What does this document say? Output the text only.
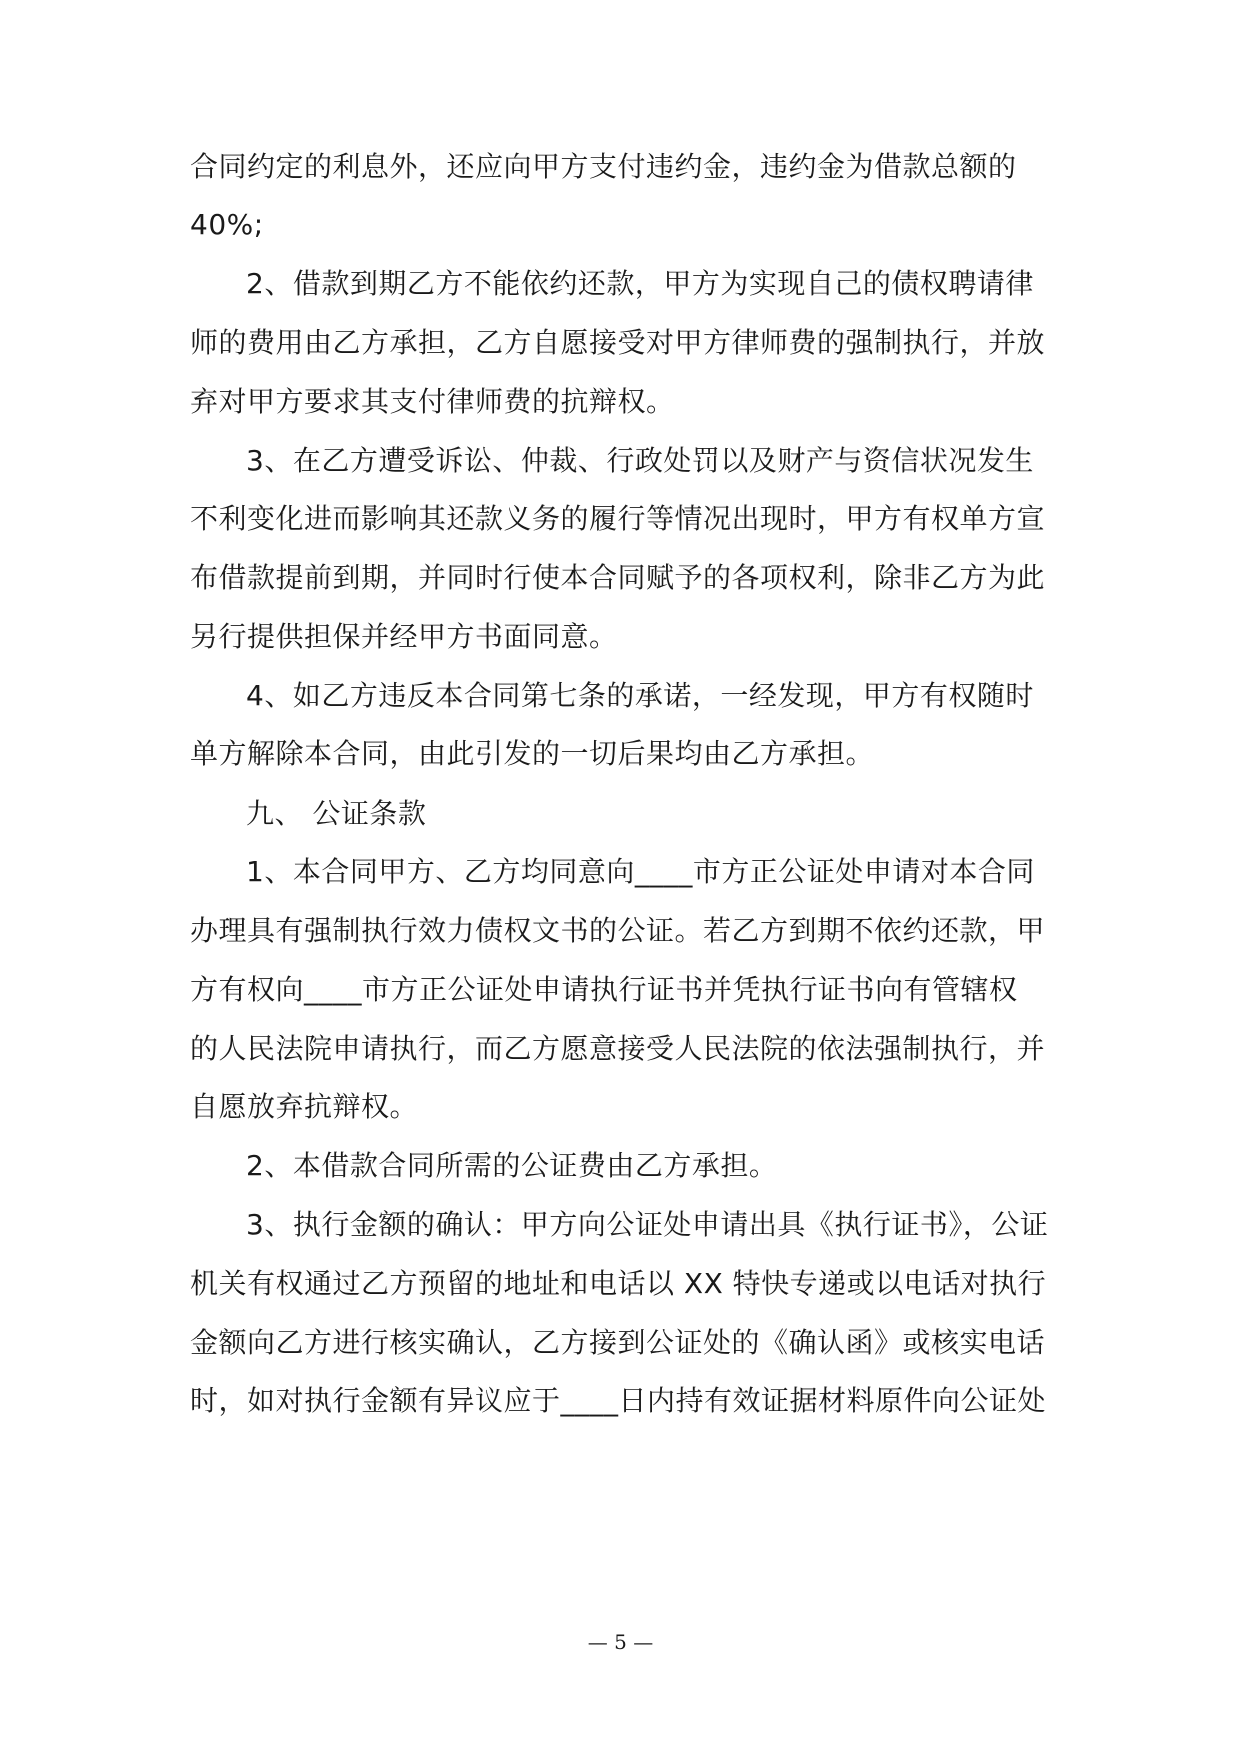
合同约定的利息外，还应向甲方支付违约金，违约金为借款总额的
40%;
2、借款到期乙方不能依约还款，甲方为实现自己的债权聘请律
师的费用由乙方承担，乙方自愿接受对甲方律师费的强制执行，并放
弃对甲方要求其支付律师费的抗辩权。
3、在乙方遭受诉讼、仲裁、行政处罚以及财产与资信状况发生
不利变化进而影响其还款义务的履行等情况出现时，甲方有权单方宣
布借款提前到期，并同时行使本合同赋予的各项权利，除非乙方为此
另行提供担保并经甲方书面同意。
4、如乙方违反本合同第七条的承诺，一经发现，甲方有权随时
单方解除本合同，由此引发的一切后果均由乙方承担。
九、 公证条款
1、本合同甲方、乙方均同意向____市方正公证处申请对本合同
办理具有强制执行效力债权文书的公证。若乙方到期不依约还款，甲
方有权向____市方正公证处申请执行证书并凭执行证书向有管辖权
的人民法院申请执行，而乙方愿意接受人民法院的依法强制执行，并
自愿放弃抗辩权。
2、本借款合同所需的公证费由乙方承担。
3、执行金额的确认：甲方向公证处申请出具《执行证书》，公证
机关有权通过乙方预留的地址和电话以 XX 特快专递或以电话对执行
金额向乙方进行核实确认，乙方接到公证处的《确认函》或核实电话
时，如对执行金额有异议应于____日内持有效证据材料原件向公证处
— 5 —
